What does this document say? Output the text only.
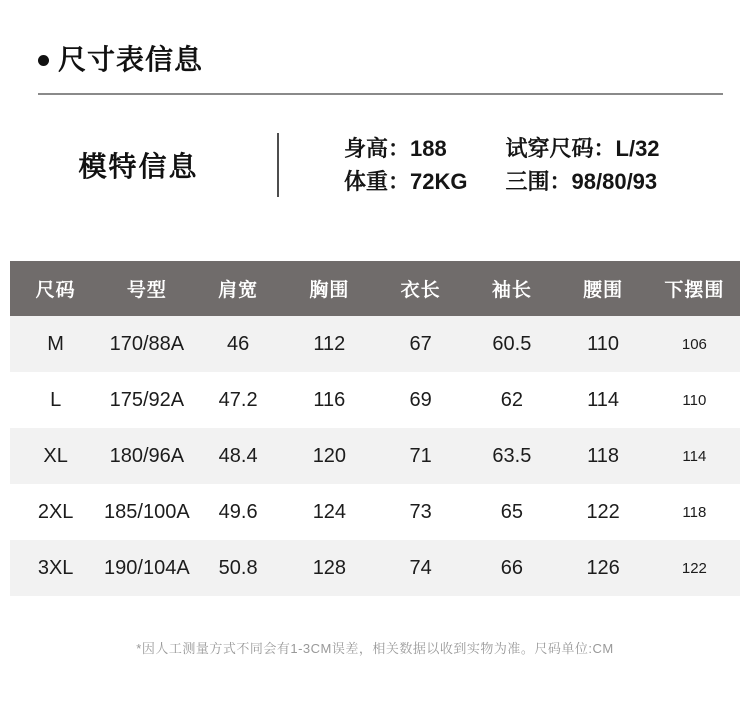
尺寸表信息
模特信息
身高：188
体重：72KG
试穿尺码：L/32
三围：98/80/93
尺码	号型	肩宽	胸围	衣长	袖长	腰围	下摆围
M	170/88A	46	112	67	60.5	110	106
L	175/92A	47.2	116	69	62	114	110
XL	180/96A	48.4	120	71	63.5	118	114
2XL	185/100A	49.6	124	73	65	122	118
3XL	190/104A	50.8	128	74	66	126	122
*因人工测量方式不同会有1-3CM误差，相关数据以收到实物为准。尺码单位:CM
